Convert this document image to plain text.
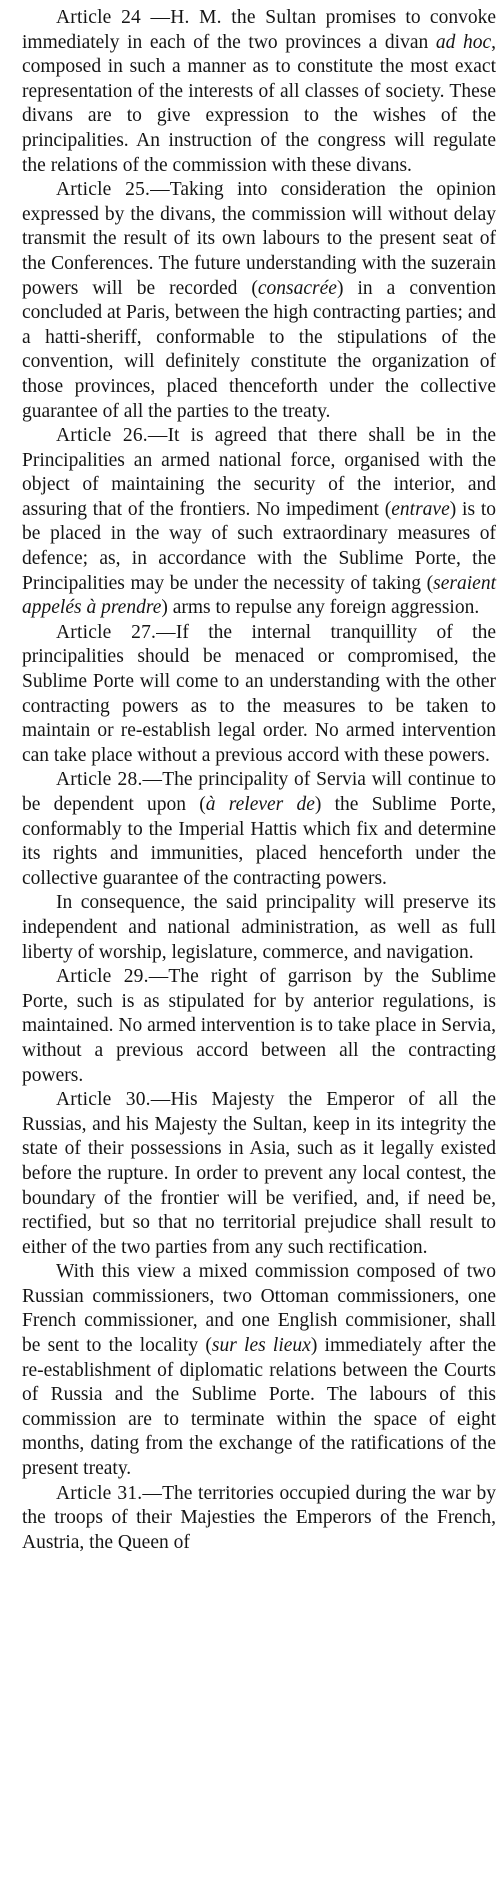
Article 24 —H. M. the Sultan promises to convoke immediately in each of the two provinces a divan ad hoc, composed in such a manner as to constitute the most exact representation of the interests of all classes of society. These divans are to give expression to the wishes of the principalities. An instruction of the congress will regulate the relations of the commission with these divans.

Article 25.—Taking into consideration the opinion expressed by the divans, the commission will without delay transmit the result of its own labours to the present seat of the Conferences. The future understanding with the suzerain powers will be recorded (consacrée) in a convention concluded at Paris, between the high contracting parties; and a hatti-sheriff, conformable to the stipulations of the convention, will definitely constitute the organization of those provinces, placed thenceforth under the collective guarantee of all the parties to the treaty.

Article 26.—It is agreed that there shall be in the Principalities an armed national force, organised with the object of maintaining the security of the interior, and assuring that of the frontiers. No impediment (entrave) is to be placed in the way of such extraordinary measures of defence; as, in accordance with the Sublime Porte, the Principalities may be under the necessity of taking (seraient appelés à prendre) arms to repulse any foreign aggression.

Article 27.—If the internal tranquillity of the principalities should be menaced or compromised, the Sublime Porte will come to an understanding with the other contracting powers as to the measures to be taken to maintain or re-establish legal order. No armed intervention can take place without a previous accord with these powers.

Article 28.—The principality of Servia will continue to be dependent upon (à relever de) the Sublime Porte, conformably to the Imperial Hattis which fix and determine its rights and immunities, placed henceforth under the collective guarantee of the contracting powers.

In consequence, the said principality will preserve its independent and national administration, as well as full liberty of worship, legislature, commerce, and navigation.

Article 29.—The right of garrison by the Sublime Porte, such is as stipulated for by anterior regulations, is maintained. No armed intervention is to take place in Servia, without a previous accord between all the contracting powers.

Article 30.—His Majesty the Emperor of all the Russias, and his Majesty the Sultan, keep in its integrity the state of their possessions in Asia, such as it legally existed before the rupture. In order to prevent any local contest, the boundary of the frontier will be verified, and, if need be, rectified, but so that no territorial prejudice shall result to either of the two parties from any such rectification.

With this view a mixed commission composed of two Russian commissioners, two Ottoman commissioners, one French commissioner, and one English commisioner, shall be sent to the locality (sur les lieux) immediately after the re-establishment of diplomatic relations between the Courts of Russia and the Sublime Porte. The labours of this commission are to terminate within the space of eight months, dating from the exchange of the ratifications of the present treaty.

Article 31.—The territories occupied during the war by the troops of their Majesties the Emperors of the French, Austria, the Queen of
